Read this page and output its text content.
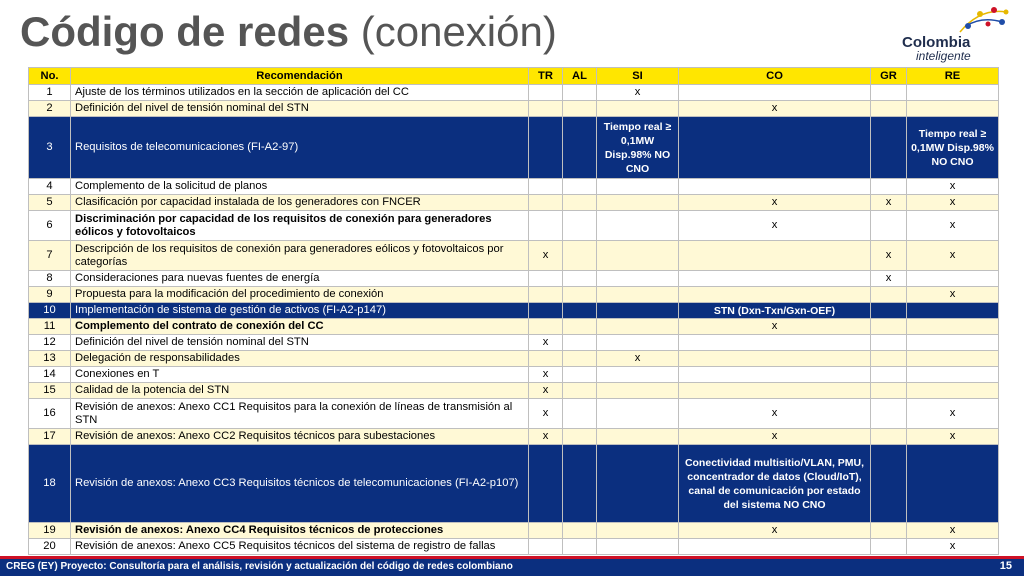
Código de redes (conexión)	Colombia
inteligente
No.	Recomendación	TR	AL	SI	CO	GR	RE
1	Ajuste de los términos utilizados en la sección de aplicación del CC			x			
2	Definición del nivel de tensión nominal del STN				x		
3	Requisitos de telecomunicaciones (FI-A2-97)			Tiempo real ≥ 0,1MW Disp.98% NO CNO			Tiempo real ≥ 0,1MW Disp.98% NO CNO
4	Complemento de la solicitud de planos						x
5	Clasificación por capacidad instalada de los generadores con FNCER				x	x	x
6	Discriminación por capacidad de los requisitos de conexión para generadores eólicos y fotovoltaicos				x		x
7	Descripción de los requisitos de conexión para generadores eólicos y fotovoltaicos por categorías	x				x	x
8	Consideraciones para nuevas fuentes de energía					x	
9	Propuesta para la modificación del procedimiento de conexión						x
10	Implementación de sistema de gestión de activos (FI-A2-p147)				STN (Dxn-Txn/Gxn-OEF)		
11	Complemento del contrato de conexión del CC				x		
12	Definición del nivel de tensión nominal del STN	x					
13	Delegación de responsabilidades			x			
14	Conexiones en T	x					
15	Calidad de la potencia del STN	x					
16	Revisión de anexos: Anexo CC1 Requisitos para la conexión de líneas de transmisión al STN	x			x		x
17	Revisión de anexos: Anexo CC2 Requisitos técnicos para subestaciones	x			x		x
18	Revisión de anexos: Anexo CC3 Requisitos técnicos de telecomunicaciones (FI-A2-p107)				Conectividad multisitio/VLAN, PMU, concentrador de datos (Cloud/IoT), canal de comunicación por estado del sistema NO CNO		
19	Revisión de anexos: Anexo CC4 Requisitos técnicos de protecciones				x		x
20	Revisión de anexos: Anexo CC5 Requisitos técnicos del sistema de registro de fallas						x
CREG (EY) Proyecto: Consultoría para el análisis, revisión y actualización del código de redes colombiano	15
